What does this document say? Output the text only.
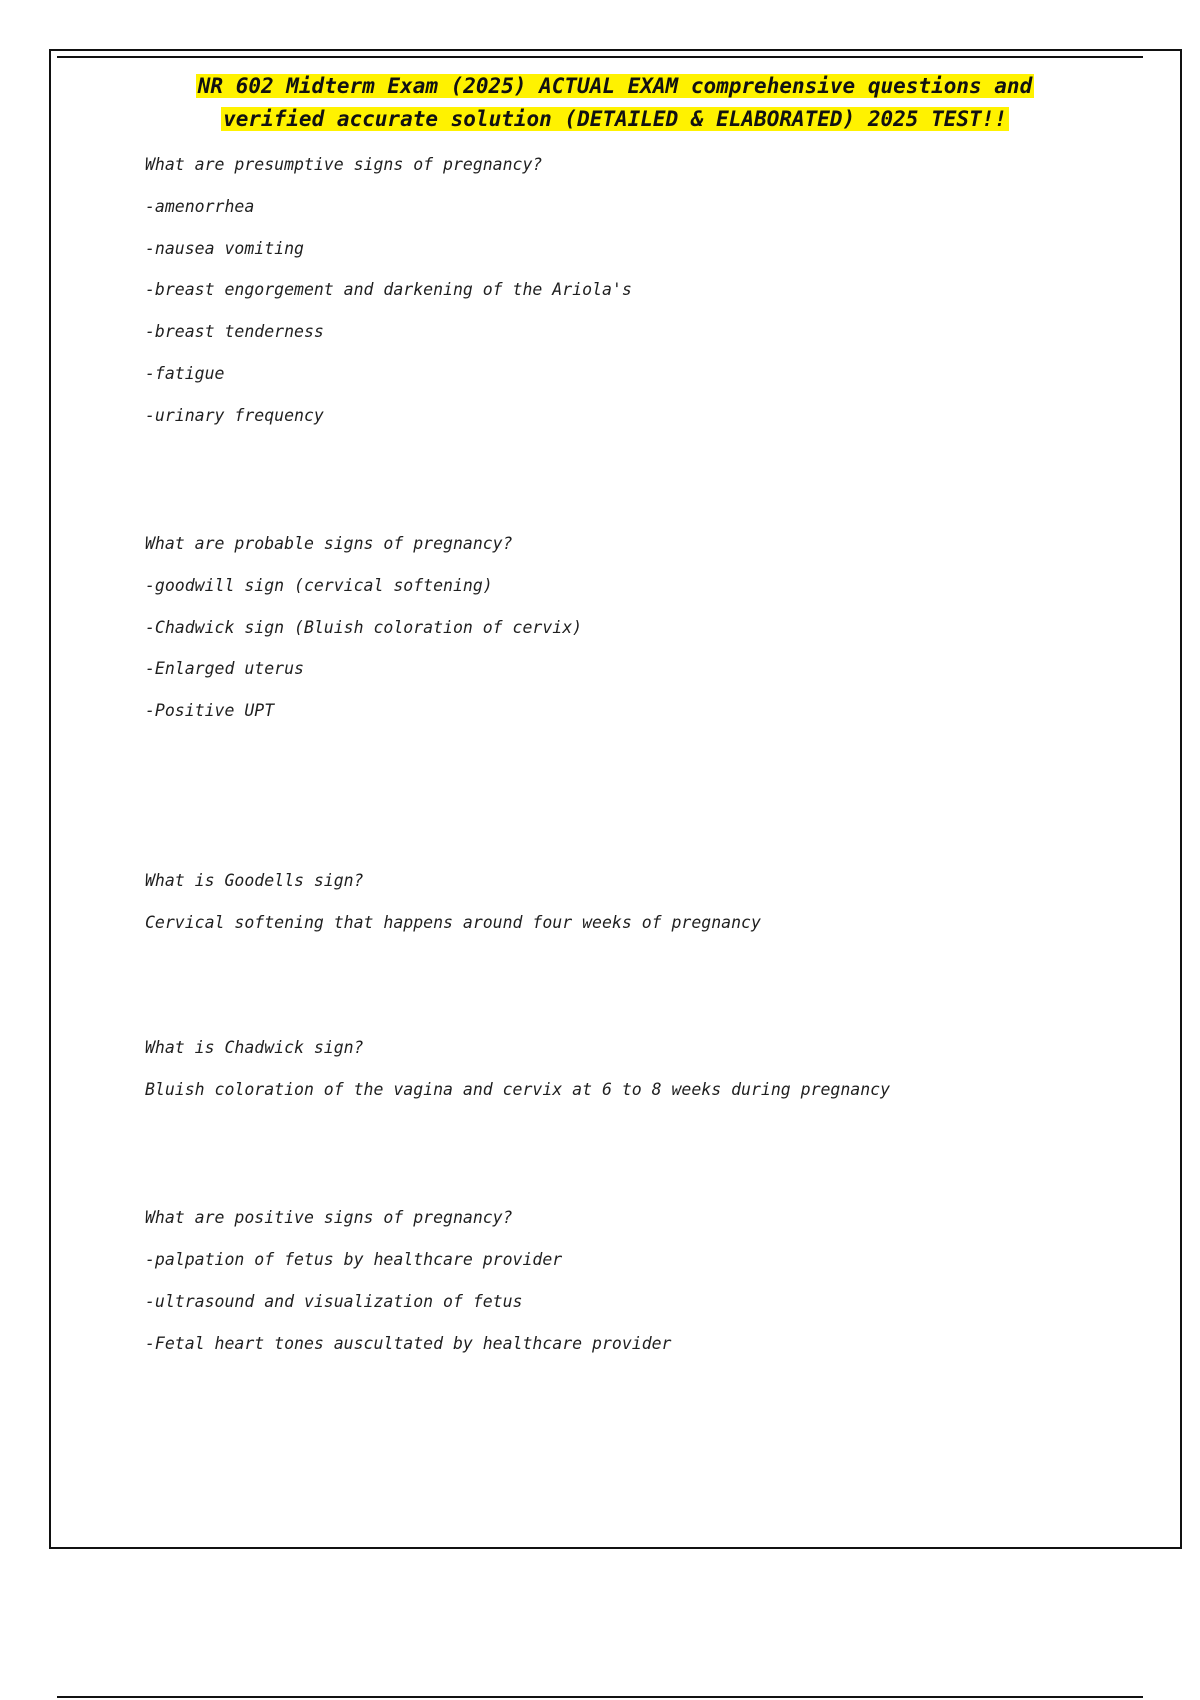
NR 602 Midterm Exam (2025) ACTUAL EXAM comprehensive questions and
verified accurate solution (DETAILED & ELABORATED) 2025 TEST!!
What are presumptive signs of pregnancy?
-amenorrhea
-nausea vomiting
-breast engorgement and darkening of the Ariola's
-breast tenderness
-fatigue
-urinary frequency
What are probable signs of pregnancy?
-goodwill sign (cervical softening)
-Chadwick sign (Bluish coloration of cervix)
-Enlarged uterus
-Positive UPT
What is Goodells sign?
Cervical softening that happens around four weeks of pregnancy
What is Chadwick sign?
Bluish coloration of the vagina and cervix at 6 to 8 weeks during pregnancy
What are positive signs of pregnancy?
-palpation of fetus by healthcare provider
-ultrasound and visualization of fetus
-Fetal heart tones auscultated by healthcare provider
